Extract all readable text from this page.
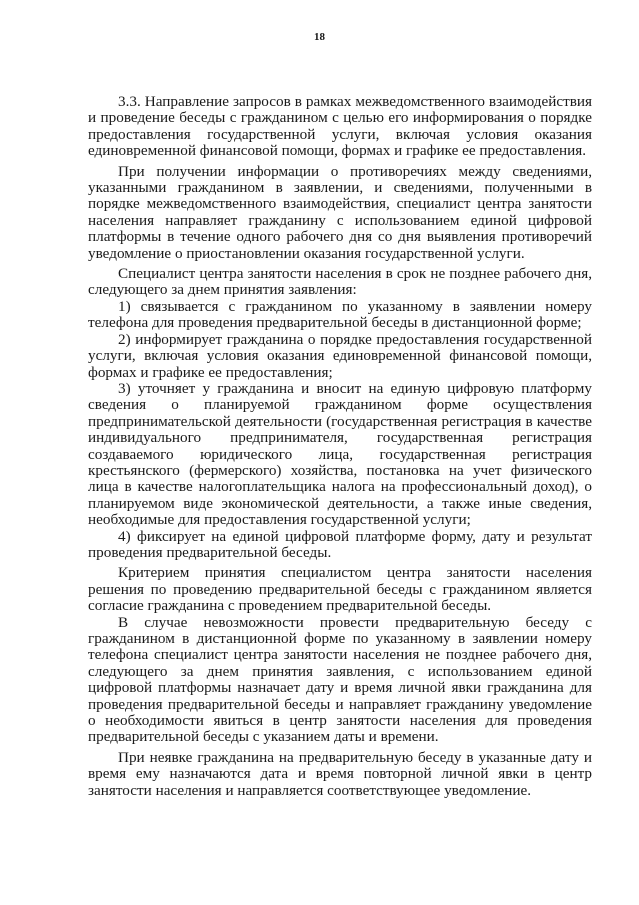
18

3.3. Направление запросов в рамках межведомственного взаимодействия и проведение беседы с гражданином с целью его информирования о порядке предоставления государственной услуги, включая условия оказания единовременной финансовой помощи, формах и графике ее предоставления.

При получении информации о противоречиях между сведениями, указанными гражданином в заявлении, и сведениями, полученными в порядке межведомственного взаимодействия, специалист центра занятости населения направляет гражданину с использованием единой цифровой платформы в течение одного рабочего дня со дня выявления противоречий уведомление о приостановлении оказания государственной услуги.

Специалист центра занятости населения в срок не позднее рабочего дня, следующего за днем принятия заявления:

1) связывается с гражданином по указанному в заявлении номеру телефона для проведения предварительной беседы в дистанционной форме;

2) информирует гражданина о порядке предоставления государственной услуги, включая условия оказания единовременной финансовой помощи, формах и графике ее предоставления;

3) уточняет у гражданина и вносит на единую цифровую платформу сведения о планируемой гражданином форме осуществления предпринимательской деятельности (государственная регистрация в качестве индивидуального предпринимателя, государственная регистрация создаваемого юридического лица, государственная регистрация крестьянского (фермерского) хозяйства, постановка на учет физического лица в качестве налогоплательщика налога на профессиональный доход), о планируемом виде экономической деятельности, а также иные сведения, необходимые для предоставления государственной услуги;

4) фиксирует на единой цифровой платформе форму, дату и результат проведения предварительной беседы.

Критерием принятия специалистом центра занятости населения решения по проведению предварительной беседы с гражданином является согласие гражданина с проведением предварительной беседы.

В случае невозможности провести предварительную беседу с гражданином в дистанционной форме по указанному в заявлении номеру телефона специалист центра занятости населения не позднее рабочего дня, следующего за днем принятия заявления, с использованием единой цифровой платформы назначает дату и время личной явки гражданина для проведения предварительной беседы и направляет гражданину уведомление о необходимости явиться в центр занятости населения для проведения предварительной беседы с указанием даты и времени.

При неявке гражданина на предварительную беседу в указанные дату и время ему назначаются дата и время повторной личной явки в центр занятости населения и направляется соответствующее уведомление.
